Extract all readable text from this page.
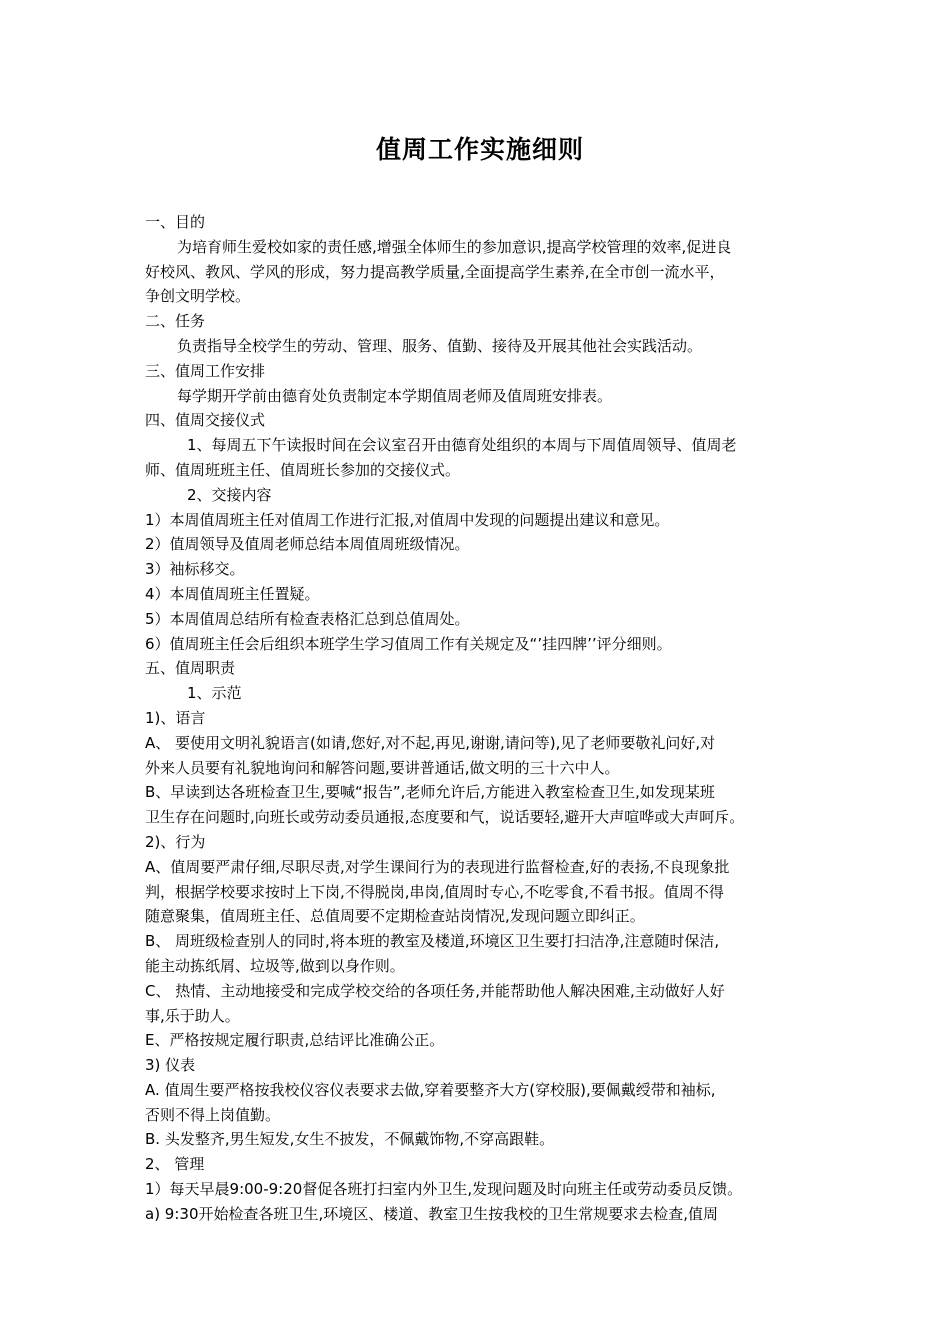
值周工作实施细则
一、目的
为培育师生爱校如家的责任感,增强全体师生的参加意识,提高学校管理的效率,促进良
好校风、教风、学风的形成，努力提高教学质量,全面提高学生素养,在全市创一流水平，
争创文明学校。
二、任务
负责指导全校学生的劳动、管理、服务、值勤、接待及开展其他社会实践活动。
三、值周工作安排
每学期开学前由德育处负责制定本学期值周老师及值周班安排表。
四、值周交接仪式
1、每周五下午读报时间在会议室召开由德育处组织的本周与下周值周领导、值周老
师、值周班班主任、值周班长参加的交接仪式。
2、交接内容
1）本周值周班主任对值周工作进行汇报,对值周中发现的问题提出建议和意见。
2）值周领导及值周老师总结本周值周班级情况。
3）袖标移交。
4）本周值周班主任置疑。
5）本周值周总结所有检查表格汇总到总值周处。
6）值周班主任会后组织本班学生学习值周工作有关规定及“’挂四牌’’评分细则。
五、值周职责
1、示范
1)、语言
A、 要使用文明礼貌语言(如请,您好,对不起,再见,谢谢,请问等),见了老师要敬礼问好,对
外来人员要有礼貌地询问和解答问题,要讲普通话,做文明的三十六中人。
B、早读到达各班检查卫生,要喊“报告”,老师允许后,方能进入教室检查卫生,如发现某班
卫生存在问题时,向班长或劳动委员通报,态度要和气，说话要轻,避开大声喧哗或大声呵斥。
2)、行为
A、值周要严肃仔细,尽职尽责,对学生课间行为的表现进行监督检查,好的表扬,不良现象批
判，根据学校要求按时上下岗,不得脱岗,串岗,值周时专心,不吃零食,不看书报。值周不得
随意聚集，值周班主任、总值周要不定期检查站岗情况,发现问题立即纠正。
B、 周班级检查别人的同时,将本班的教室及楼道,环境区卫生要打扫洁净,注意随时保洁,
能主动拣纸屑、垃圾等,做到以身作则。
C、 热情、主动地接受和完成学校交给的各项任务,并能帮助他人解决困难,主动做好人好
事,乐于助人。
E、严格按规定履行职责,总结评比准确公正。
3) 仪表
A. 值周生要严格按我校仪容仪表要求去做,穿着要整齐大方(穿校服),要佩戴绶带和袖标,
否则不得上岗值勤。
B. 头发整齐,男生短发,女生不披发，不佩戴饰物,不穿高跟鞋。
2、 管理
1）每天早晨9:00-9:20督促各班打扫室内外卫生,发现问题及时向班主任或劳动委员反馈。
a) 9:30开始检查各班卫生,环境区、楼道、教室卫生按我校的卫生常规要求去检查,值周
